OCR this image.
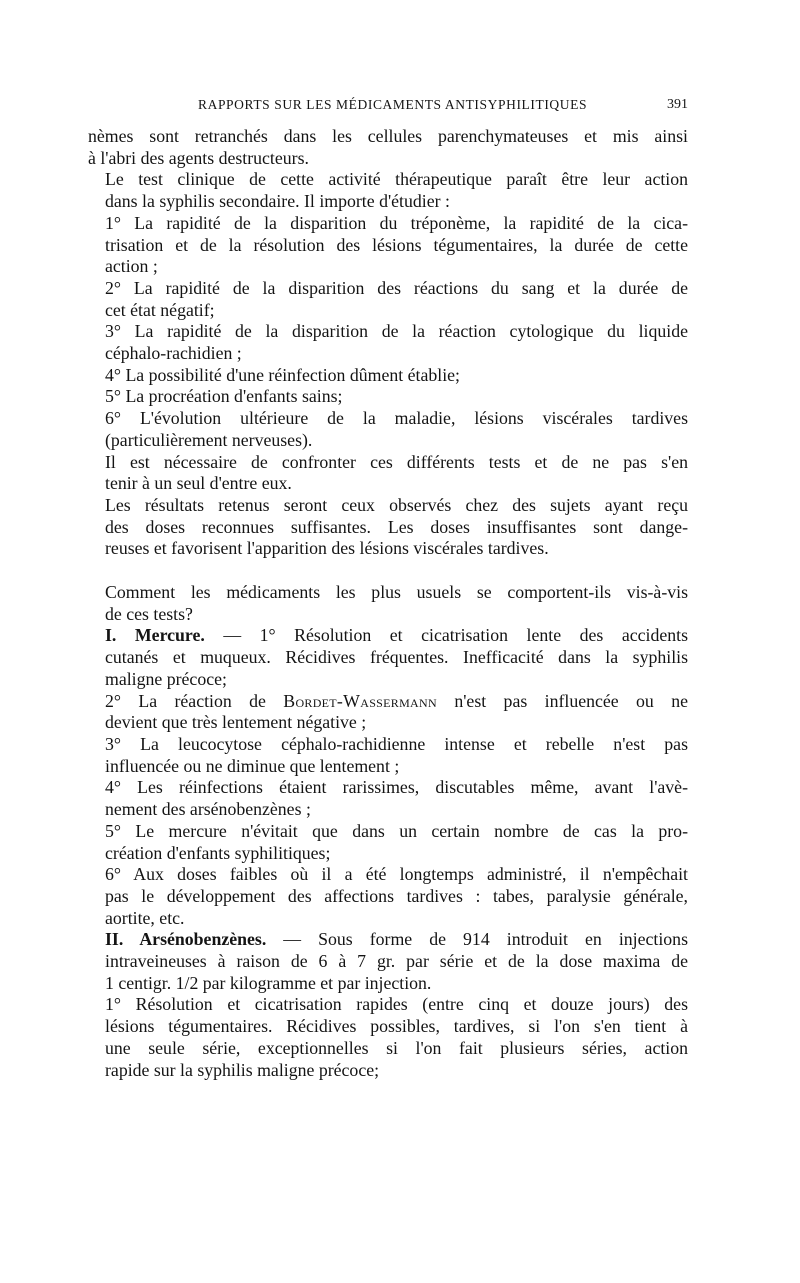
RAPPORTS SUR LES MÉDICAMENTS ANTISYPHILITIQUES	391

nèmes sont retranchés dans les cellules parenchymateuses et mis ainsi
à l'abri des agents destructeurs.

Le test clinique de cette activité thérapeutique paraît être leur action
dans la syphilis secondaire. Il importe d'étudier :

1° La rapidité de la disparition du tréponème, la rapidité de la cica-
trisation et de la résolution des lésions tégumentaires, la durée de cette
action ;

2° La rapidité de la disparition des réactions du sang et la durée de
cet état négatif;

3° La rapidité de la disparition de la réaction cytologique du liquide
céphalo-rachidien ;

4° La possibilité d'une réinfection dûment établie;

5° La procréation d'enfants sains;

6° L'évolution ultérieure de la maladie, lésions viscérales tardives
(particulièrement nerveuses).

Il est nécessaire de confronter ces différents tests et de ne pas s'en
tenir à un seul d'entre eux.

Les résultats retenus seront ceux observés chez des sujets ayant reçu
des doses reconnues suffisantes. Les doses insuffisantes sont dange-
reuses et favorisent l'apparition des lésions viscérales tardives.

Comment les médicaments les plus usuels se comportent-ils vis-à-vis
de ces tests?

I. Mercure. — 1° Résolution et cicatrisation lente des accidents
cutanés et muqueux. Récidives fréquentes. Inefficacité dans la syphilis
maligne précoce;

2° La réaction de Bordet-Wassermann n'est pas influencée ou ne
devient que très lentement négative ;

3° La leucocytose céphalo-rachidienne intense et rebelle n'est pas
influencée ou ne diminue que lentement ;

4° Les réinfections étaient rarissimes, discutables même, avant l'avè-
nement des arsénobenzènes ;

5° Le mercure n'évitait que dans un certain nombre de cas la pro-
création d'enfants syphilitiques;

6° Aux doses faibles où il a été longtemps administré, il n'empêchait
pas le développement des affections tardives : tabes, paralysie générale,
aortite, etc.

II. Arsénobenzènes. — Sous forme de 914 introduit en injections
intraveineuses à raison de 6 à 7 gr. par série et de la dose maxima de
1 centigr. 1/2 par kilogramme et par injection.

1° Résolution et cicatrisation rapides (entre cinq et douze jours) des
lésions tégumentaires. Récidives possibles, tardives, si l'on s'en tient à
une seule série, exceptionnelles si l'on fait plusieurs séries, action
rapide sur la syphilis maligne précoce;
